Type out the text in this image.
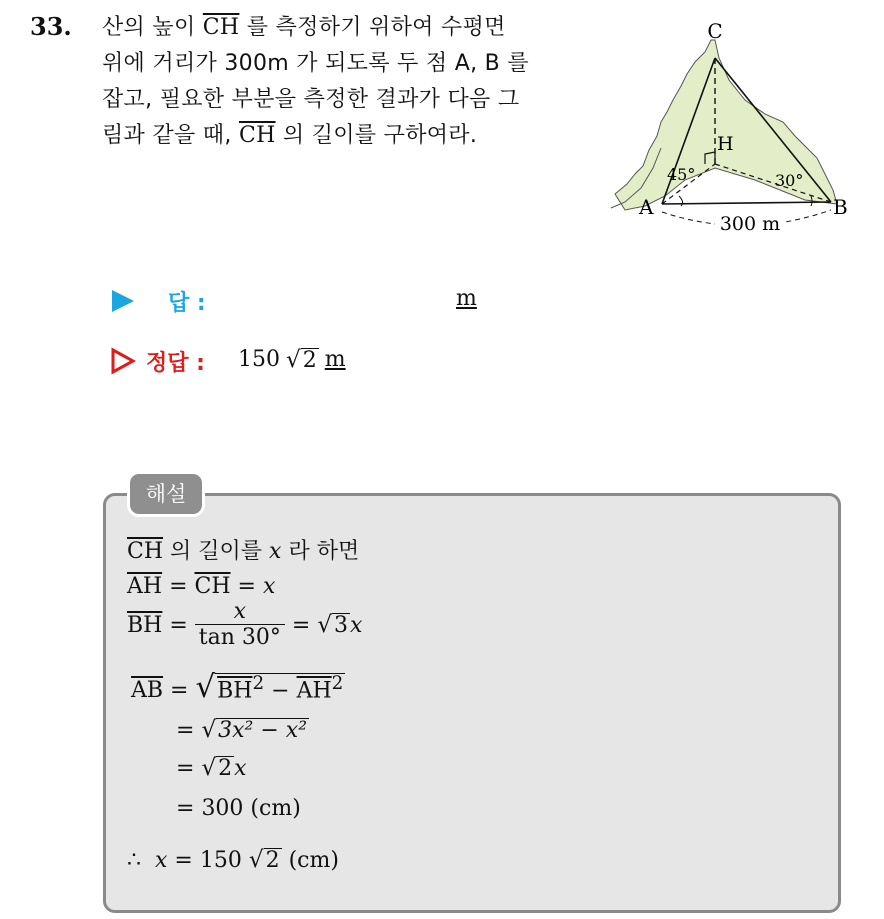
33. 산의 높이 $\overline{CH}$ 를 측정하기 위하여 수평면
위에 거리가 300m 가 되도록 두 점 A, B 를
잡고, 필요한 부분을 측정한 결과가 다음 그
림과 같을 때, $\overline{CH}$ 의 길이를 구하여라.
C
H
A	B
45°	30°
300 m
답 :	m
정답 : 150 √ 2 m
$\overline{CH}$ 의 길이를 x 라 하면
$\overline{AH} = \overline{CH} = x$
$\overline{BH} = \frac{x}{\tan 30^\circ}$ = √ 3 x
$\overline{AB}$ = √ $BH^2 - \overline{AH}^2$
= √ 3x² − x²
= √ 2 x
= 300 (cm)
∴ x = 150 √ 2 (cm)
해설
